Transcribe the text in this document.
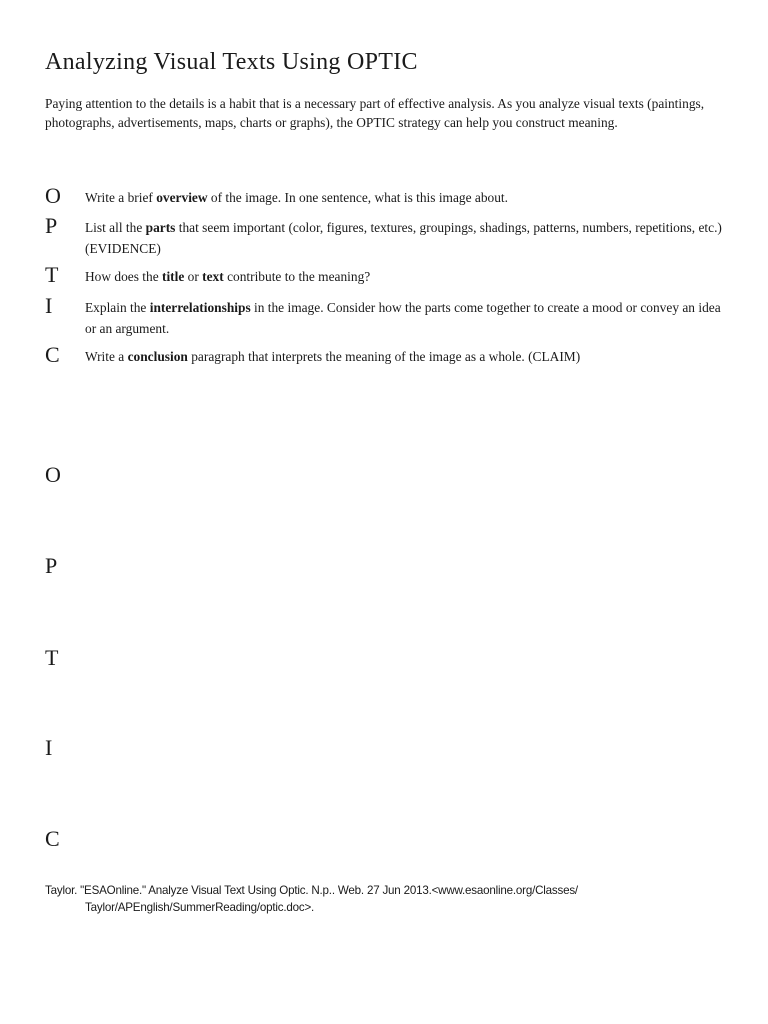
Analyzing Visual Texts Using OPTIC

Paying attention to the details is a habit that is a necessary part of effective analysis. As you analyze visual texts (paintings, photographs, advertisements, maps, charts or graphs), the OPTIC strategy can help you construct meaning.

O Write a brief overview of the image. In one sentence, what is this image about.
P List all the parts that seem important (color, figures, textures, groupings, shadings, patterns, numbers, repetitions, etc.) (EVIDENCE)
T How does the title or text contribute to the meaning?
I Explain the interrelationships in the image. Consider how the parts come together to create a mood or convey an idea or an argument.
C Write a conclusion paragraph that interprets the meaning of the image as a whole. (CLAIM)
O
P
T
I
C
Taylor. "ESAOnline." Analyze Visual Text Using Optic. N.p.. Web. 27 Jun 2013.<www.esaonline.org/Classes/
Taylor/APEnglish/SummerReading/optic.doc>.
